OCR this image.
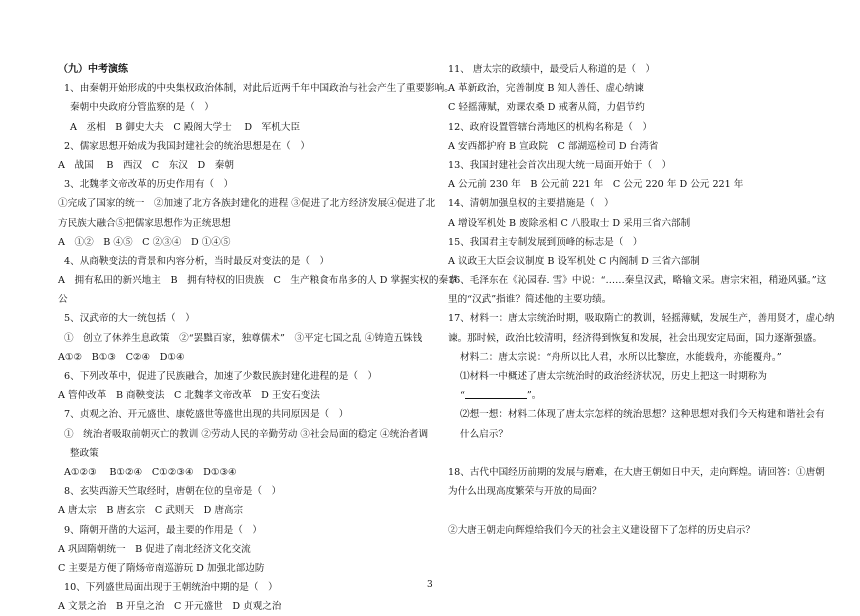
（九）中考演练
1、由秦朝开始形成的中央集权政治体制，对此后近两千年中国政治与社会产生了重要影响。
秦朝中央政府分管监察的是（　）
A　丞相　B 御史大夫　C 殿阁大学士　 D　军机大臣
2、儒家思想开始成为我国封建社会的统治思想是在（　）
A　战国　 B　西汉　C　东汉　D　秦朝
3、北魏孝文帝改革的历史作用有（　）
①完成了国家的统一　②加速了北方各族封建化的进程 ③促进了北方经济发展④促进了北
方民族大融合⑤把儒家思想作为正统思想
A　①②　B ④⑤　C ②③④　D ①④⑤
4、从商鞅变法的背景和内容分析，当时最反对变法的是（　）
A　拥有私田的新兴地主　B　拥有特权的旧贵族　C　生产粮食布帛多的人 D 掌握实权的秦孝
公
5、汉武帝的大一统包括（　）
①　创立了休养生息政策　②“罢黜百家，独尊儒术”　③平定七国之乱 ④铸造五铢钱
A①②　B①③　C②④　D①④
6、下列改革中，促进了民族融合，加速了少数民族封建化进程的是（　）
A 管仲改革　B 商鞅变法　C 北魏孝文帝改革　D 王安石变法
7、贞观之治、开元盛世、康乾盛世等盛世出现的共同原因是（　）
①　统治者吸取前朝灭亡的教训 ②劳动人民的辛勤劳动 ③社会局面的稳定 ④统治者调
整政策
A①②③　 B①②④　C①②③④　D①③④
8、玄奘西游天竺取经时，唐朝在位的皇帝是（　）
A 唐太宗　B 唐玄宗　C 武则天　D 唐高宗
9、隋朝开凿的大运河，最主要的作用是（　）
A 巩固隋朝统一　B 促进了南北经济文化交流
C 主要是方便了隋炀帝南巡游玩 D 加强北部边防
10、下列盛世局面出现于王朝统治中期的是（　）
A 文景之治　B 开皇之治　C 开元盛世　D 贞观之治
11、 唐太宗的政绩中，最受后人称道的是（　）
A 革新政治，完善制度 B 知人善任、虚心纳谏
C 轻摇薄赋，劝课农桑 D 戒奢从简，力倡节约
12、政府设置管辖台湾地区的机构名称是（　）
A 安西都护府 B 宣政院　C 部湖巡检司 D 台湾省
13、我国封建社会首次出现大统一局面开始于（　）
A 公元前 230 年　B 公元前 221 年　C 公元 220 年 D 公元 221 年
14、清朝加强皇权的主要措施是（　）
A 增设军机处 B 废除丞相 C 八股取士 D 采用三省六部制
15、我国君主专制发展到顶峰的标志是（　）
A 议政王大臣会议制度 B 设军机处 C 内阁制 D 三省六部制
16、毛泽东在《沁园春. 雪》中说：“……秦皇汉武，略输文采。唐宗宋祖，稍逊风骚。”这
里的“汉武”指谁？简述他的主要功绩。
17、材料一：唐太宗统治时期，吸取隋亡的教训，轻摇薄赋，发展生产，善用贤才，虚心纳
谏。那时候，政治比较清明，经济得到恢复和发展，社会出现安定局面，国力逐渐强盛。
材料二：唐太宗说：“舟所以比人君，水所以比黎庶，水能载舟，亦能覆舟。”
⑴材料一中概述了唐太宗统治时的政治经济状况，历史上把这一时期称为
“	”。
⑵想一想：材料二体现了唐太宗怎样的统治思想？这种思想对我们今天构建和谐社会有
什么启示？
18、古代中国经历前期的发展与磨难，在大唐王朝如日中天，走向辉煌。请回答：①唐朝
为什么出现高度繁荣与开放的局面？
②大唐王朝走向辉煌给我们今天的社会主义建设留下了怎样的历史启示？
3
